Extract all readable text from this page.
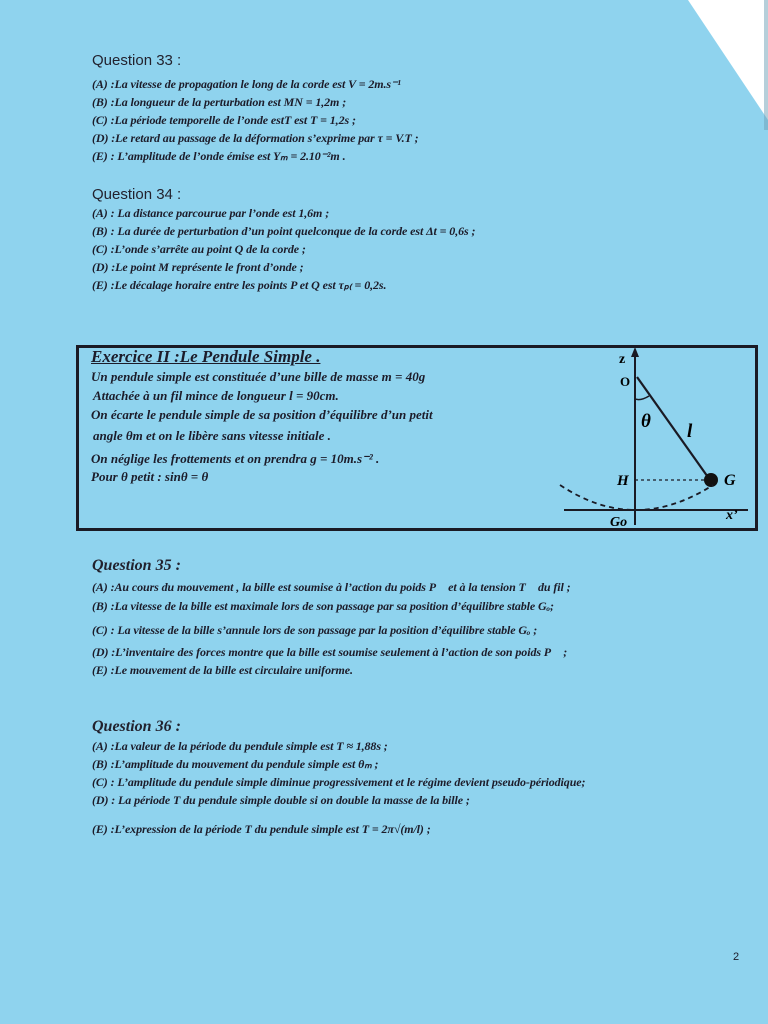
Question 33 :
(A) :La vitesse de propagation le long de la corde est V = 2m.s⁻¹
(B) :La longueur de la perturbation est MN = 1,2m ;
(C) :La période temporelle de l’onde estT est T = 1,2s ;
(D) :Le retard au passage de la déformation s’exprime par τ = V.T ;
(E) : L’amplitude de l’onde émise est Yₘ = 2.10⁻²m .
Question 34 :
(A) : La distance parcourue par l’onde est 1,6m ;
(B) : La durée de perturbation d’un point quelconque de la corde est Δt = 0,6s ;
(C) :L’onde s’arrête au point Q de la corde ;
(D) :Le point M représente le front d’onde ;
(E) :Le décalage horaire entre les points P et Q est τₚ₍ = 0,2s.
Exercice II :Le Pendule Simple .
Un pendule simple est constituée d’une bille de masse m = 40g
Attachée à un fil mince de longueur l = 90cm.
On écarte le pendule simple de sa position d’équilibre d’un petit
angle θm et on le libère sans vitesse initiale .
On néglige les frottements et on prendra g = 10m.s⁻² .
Pour θ petit : sinθ = θ
z
O
θ l
H	G
Go	x’
Question 35 :
(A) :Au cours du mouvement , la bille est soumise à l’action du poids P⃗ et à la tension T⃗ du fil ;
(B) :La vitesse de la bille est maximale lors de son passage par sa position d’équilibre stable Gₒ;
(C) : La vitesse de la bille s’annule lors de son passage par la position d’équilibre stable Gₒ ;
(D) :L’inventaire des forces montre que la bille est soumise seulement à l’action de son poids P⃗ ;
(E) :Le mouvement de la bille est circulaire uniforme.
Question 36 :
(A) :La valeur de la période du pendule simple est T ≈ 1,88s ;
(B) :L’amplitude du mouvement du pendule simple est θₘ ;
(C) : L’amplitude du pendule simple diminue progressivement et le régime devient pseudo-périodique;
(D) : La période T du pendule simple double si on double la masse de la bille ;
(E) :L’expression de la période T du pendule simple est T = 2π√(m/l) ;
2
